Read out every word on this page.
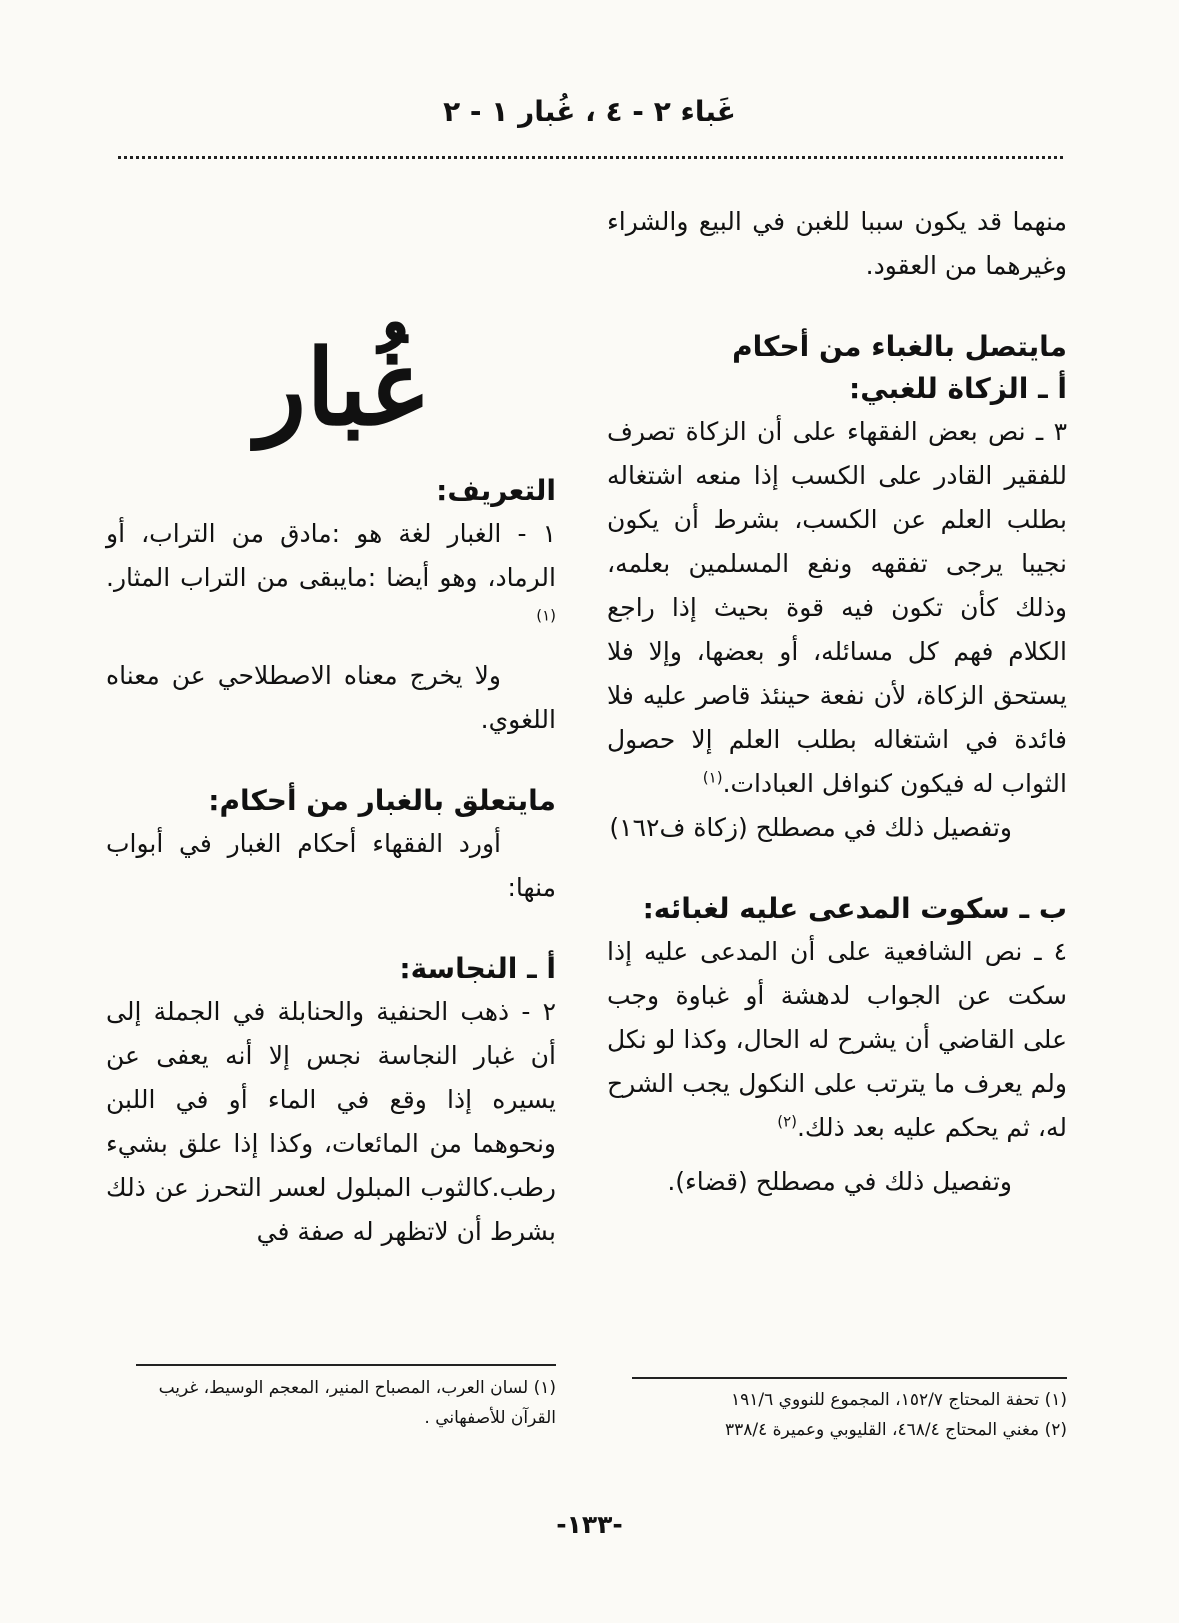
غَباء ٢ - ٤ ، غُبار ١ - ٢

منهما قد يكون سببا للغبن في البيع والشراء وغيرهما من العقود.

مايتصل بالغباء من أحكام
أ ـ الزكاة للغبي:

٣ ـ نص بعض الفقهاء على أن الزكاة تصرف للفقير القادر على الكسب إذا منعه اشتغاله بطلب العلم عن الكسب، بشرط أن يكون نجيبا يرجى تفقهه ونفع المسلمين بعلمه، وذلك كأن تكون فيه قوة بحيث إذا راجع الكلام فهم كل مسائله، أو بعضها، وإلا فلا يستحق الزكاة، لأن نفعة حينئذ قاصر عليه فلا فائدة في اشتغاله بطلب العلم إلا حصول الثواب له فيكون كنوافل العبادات.$^{(١)}$

وتفصيل ذلك في مصطلح (زكاة ف١٦٢)

ب ـ سكوت المدعى عليه لغبائه:

٤ ـ نص الشافعية على أن المدعى عليه إذا سكت عن الجواب لدهشة أو غباوة وجب على القاضي أن يشرح له الحال، وكذا لو نكل ولم يعرف ما يترتب على النكول يجب الشرح له، ثم يحكم عليه بعد ذلك.$^{(٢)}$

وتفصيل ذلك في مصطلح (قضاء).

غُبار
التعريف:

١ - الغبار لغة هو :مادق من التراب، أو الرماد، وهو أيضا :مايبقى من التراب المثار.$^{(١)}$

ولا يخرج معناه الاصطلاحي عن معناه اللغوي.

مايتعلق بالغبار من أحكام:

أورد الفقهاء أحكام الغبار في أبواب منها:

أ ـ النجاسة:

٢ - ذهب الحنفية والحنابلة في الجملة إلى أن غبار النجاسة نجس إلا أنه يعفى عن يسيره إذا وقع في الماء أو في اللبن ونحوهما من المائعات، وكذا إذا علق بشيء رطب.كالثوب المبلول لعسر التحرز عن ذلك بشرط أن لاتظهر له صفة في

(١) تحفة المحتاج ١٥٢/٧، المجموع للنووي ١٩١/٦
(٢) مغني المحتاج ٤٦٨/٤، القليوبي وعميرة ٣٣٨/٤
(١) لسان العرب، المصباح المنير، المعجم الوسيط، غريب القرآن للأصفهاني .
-١٣٣-
